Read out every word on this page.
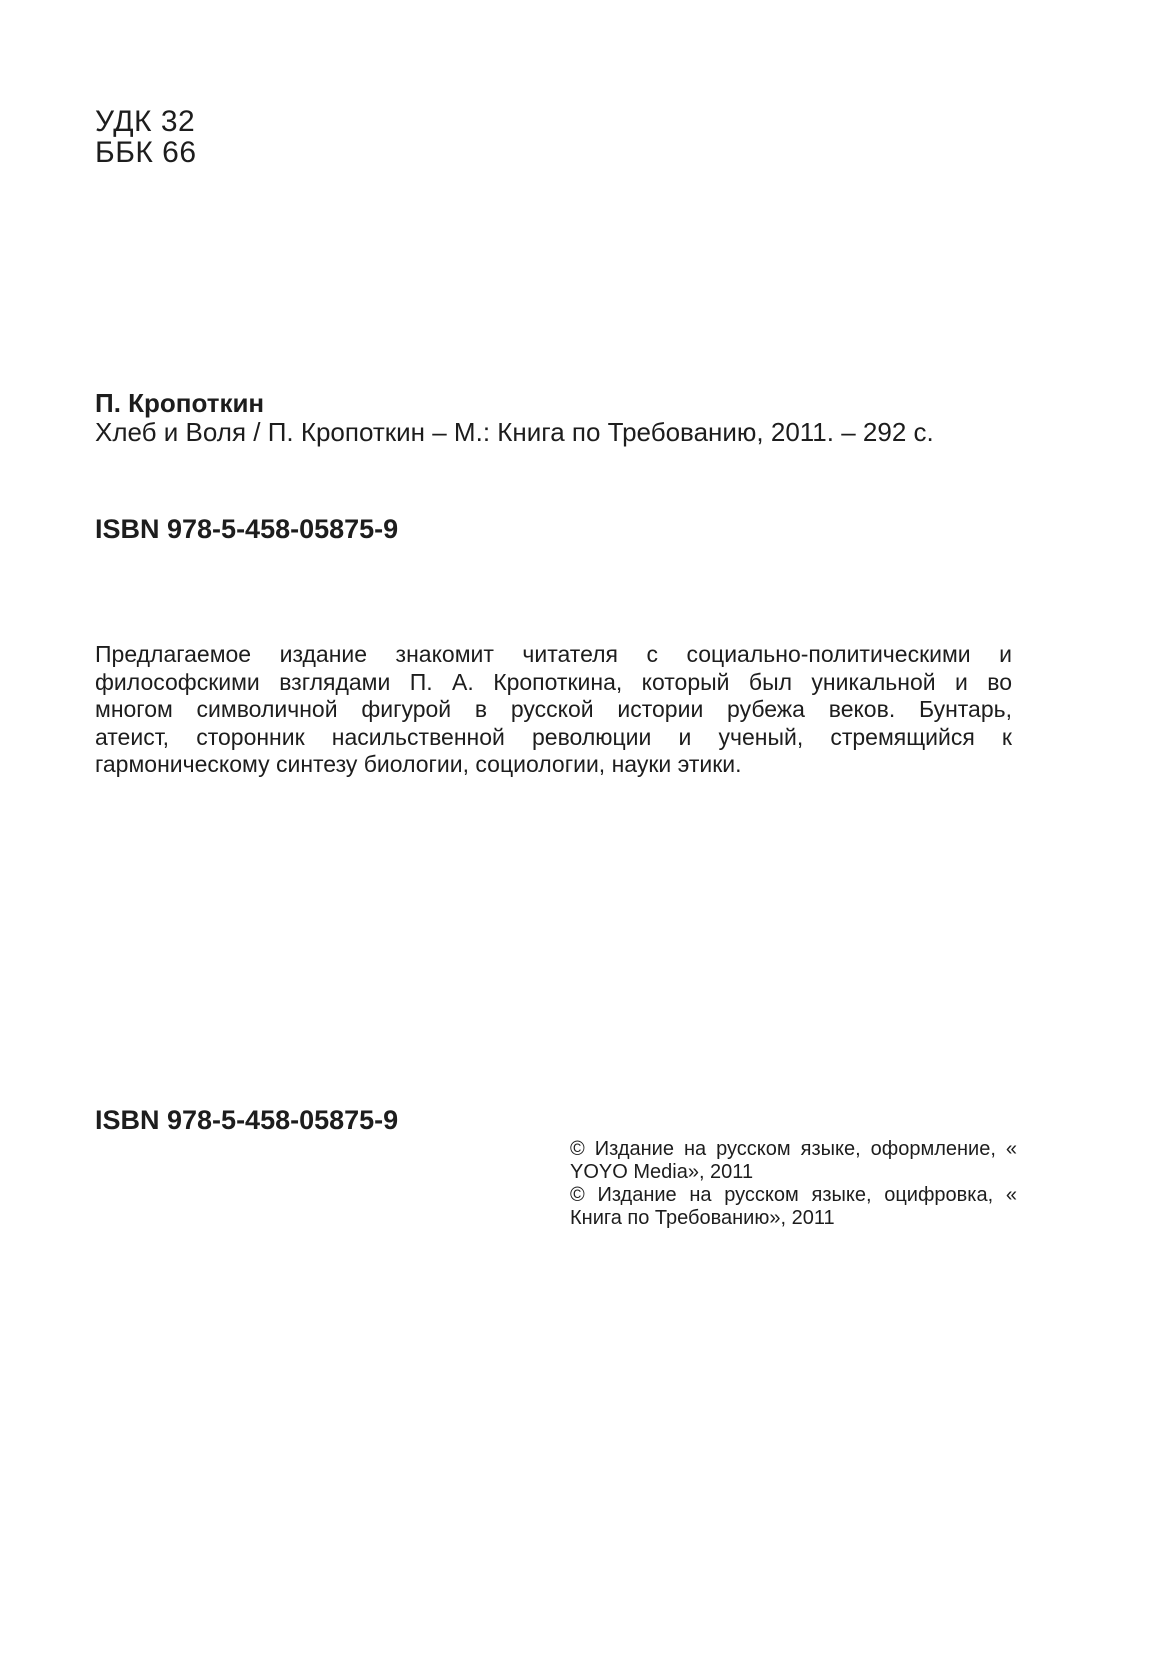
УДК 32
ББК 66
П. Кропоткин
Хлеб и Воля / П. Кропоткин – М.: Книга по Требованию, 2011. – 292 с.
ISBN 978-5-458-05875-9
Предлагаемое издание знакомит читателя с социально-политическими и
философскими взглядами П. А. Кропоткина, который был уникальной и во
многом символичной фигурой в русской истории рубежа веков. Бунтарь,
атеист, сторонник насильственной революции и ученый, стремящийся к
гармоническому синтезу биологии, социологии, науки этики.
ISBN 978-5-458-05875-9
© Издание на русском языке, оформление, «
YOYO Media», 2011
© Издание на русском языке, оцифровка, «
Книга по Требованию», 2011
